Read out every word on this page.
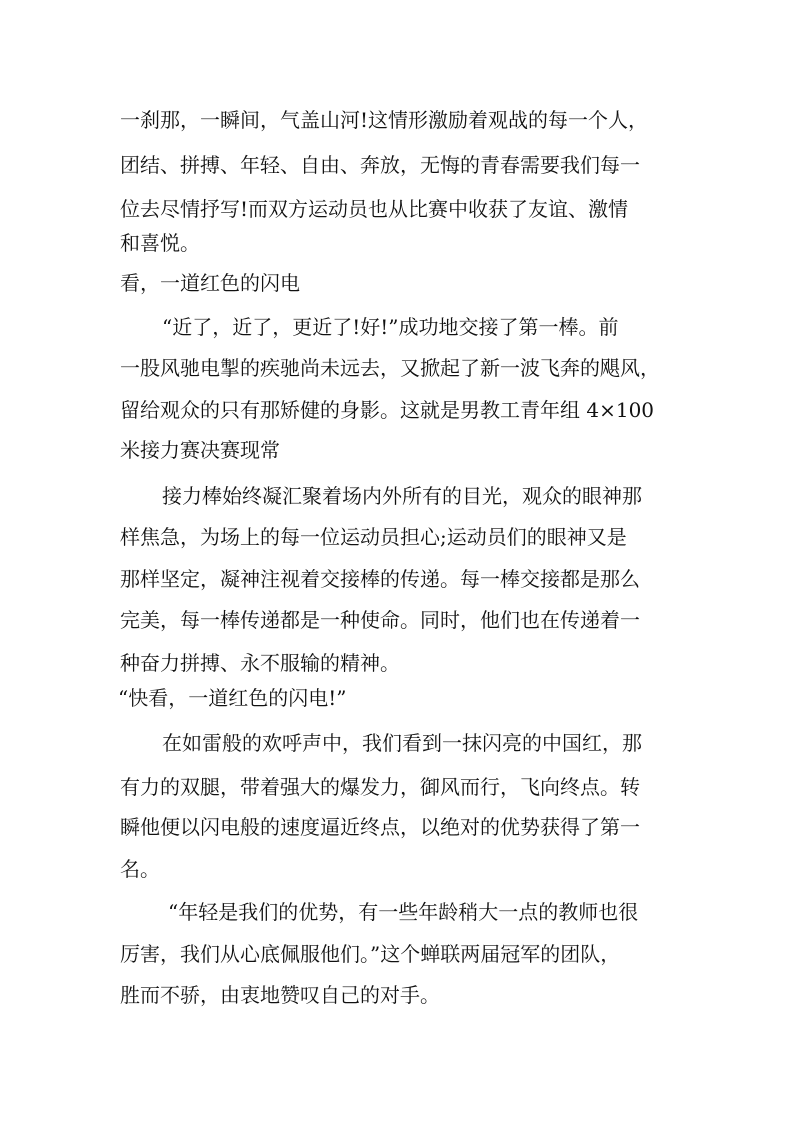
一刹那，一瞬间，气盖山河!这情形激励着观战的每一个人，
团结、拼搏、年轻、自由、奔放，无悔的青春需要我们每一
位去尽情抒写!而双方运动员也从比赛中收获了友谊、激情
和喜悦。
看，一道红色的闪电
“近了，近了，更近了!好!”成功地交接了第一棒。前
一股风驰电掣的疾驰尚未远去，又掀起了新一波飞奔的飓风，
留给观众的只有那矫健的身影。这就是男教工青年组 4×100
米接力赛决赛现常
接力棒始终凝汇聚着场内外所有的目光，观众的眼神那
样焦急，为场上的每一位运动员担心;运动员们的眼神又是
那样坚定，凝神注视着交接棒的传递。每一棒交接都是那么
完美，每一棒传递都是一种使命。同时，他们也在传递着一
种奋力拼搏、永不服输的精神。
“快看，一道红色的闪电!”
在如雷般的欢呼声中，我们看到一抹闪亮的中国红，那
有力的双腿，带着强大的爆发力，御风而行，飞向终点。转
瞬他便以闪电般的速度逼近终点，以绝对的优势获得了第一
名。
“年轻是我们的优势，有一些年龄稍大一点的教师也很
厉害，我们从心底佩服他们。”这个蝉联两届冠军的团队，
胜而不骄，由衷地赞叹自己的对手。
